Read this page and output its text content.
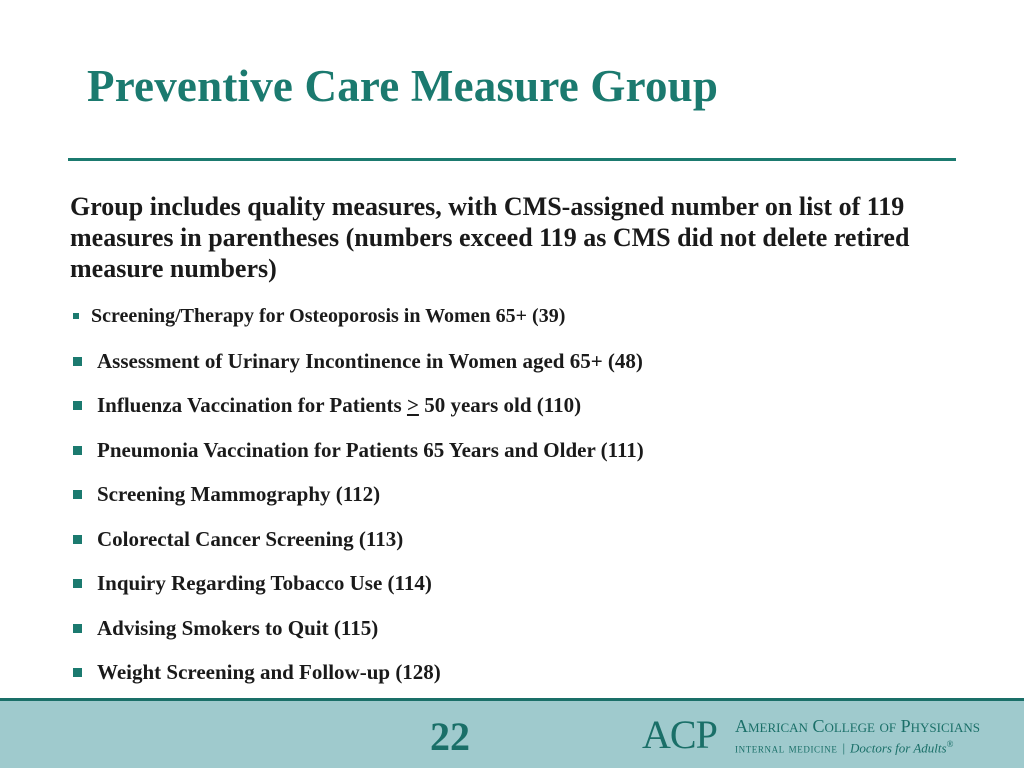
Preventive Care Measure Group

Group includes quality measures, with CMS-assigned number on list of 119 measures in parentheses (numbers exceed 119 as CMS did not delete retired measure numbers)

Screening/Therapy for Osteoporosis in Women 65+ (39)
Assessment of Urinary Incontinence in Women aged 65+ (48)
Influenza Vaccination for Patients ≥ 50 years old (110)
Pneumonia Vaccination for Patients 65 Years and Older (111)
Screening Mammography (112)
Colorectal Cancer Screening (113)
Inquiry Regarding Tobacco Use (114)
Advising Smokers to Quit (115)
Weight Screening and Follow-up (128)
22	ACP American College of Physicians
internal medicine | Doctors for Adults®
